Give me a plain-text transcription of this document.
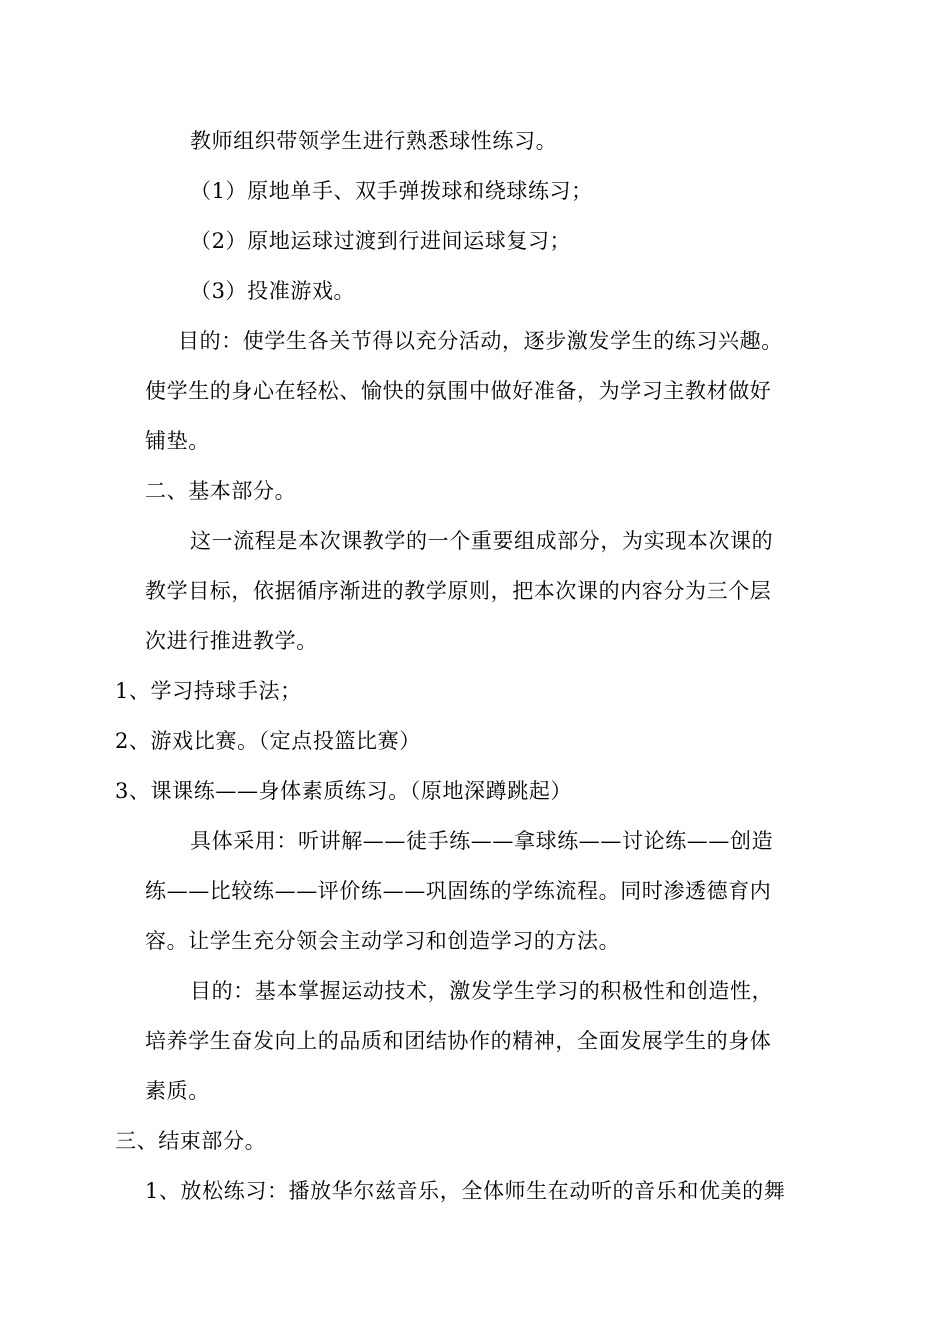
教师组织带领学生进行熟悉球性练习。
（1）原地单手、双手弹拨球和绕球练习；
（2）原地运球过渡到行进间运球复习；
（3）投准游戏。
目的：使学生各关节得以充分活动，逐步激发学生的练习兴趣。
使学生的身心在轻松、愉快的氛围中做好准备，为学习主教材做好
铺垫。
二、基本部分。
这一流程是本次课教学的一个重要组成部分，为实现本次课的
教学目标，依据循序渐进的教学原则，把本次课的内容分为三个层
次进行推进教学。
1、学习持球手法；
2、游戏比赛。（定点投篮比赛）
3、课课练——身体素质练习。（原地深蹲跳起）
具体采用：听讲解——徒手练——拿球练——讨论练——创造
练——比较练——评价练——巩固练的学练流程。同时渗透德育内
容。让学生充分领会主动学习和创造学习的方法。
目的：基本掌握运动技术，激发学生学习的积极性和创造性，
培养学生奋发向上的品质和团结协作的精神，全面发展学生的身体
素质。
三、结束部分。
1、放松练习：播放华尔兹音乐，全体师生在动听的音乐和优美的舞
